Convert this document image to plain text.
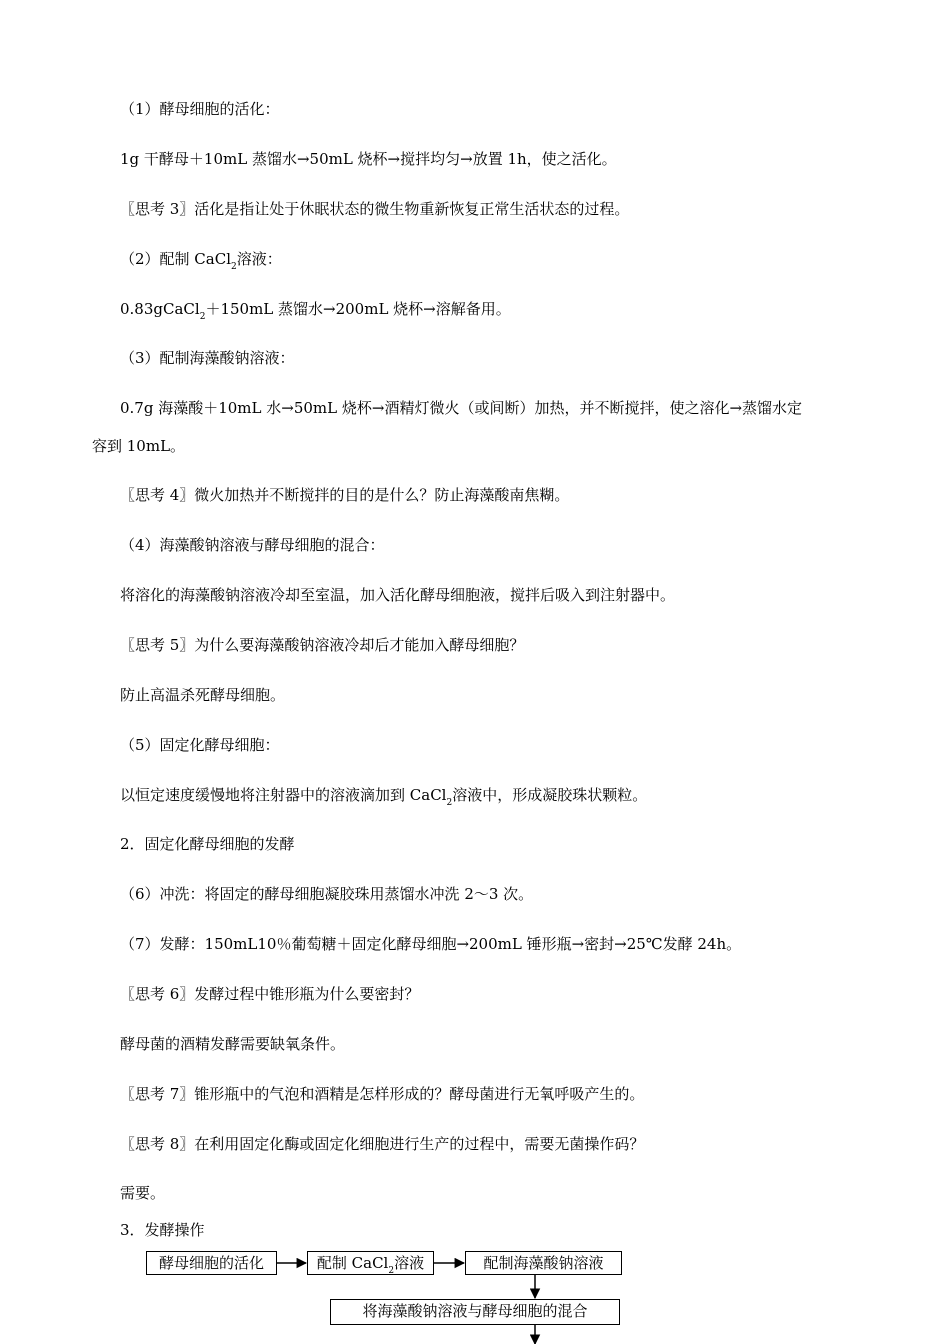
（1）酵母细胞的活化：
1g 干酵母＋10mL 蒸馏水→50mL 烧杯→搅拌均匀→放置 1h，使之活化。
〖思考 3〗活化是指让处于休眠状态的微生物重新恢复正常生活状态的过程。
（2）配制 CaCl$_2$溶液：
0.83gCaCl$_2$＋150mL 蒸馏水→200mL 烧杯→溶解备用。
（3）配制海藻酸钠溶液：
0.7g 海藻酸＋10mL 水→50mL 烧杯→酒精灯微火（或间断）加热，并不断搅拌，使之溶化→蒸馏水定
容到 10mL。
〖思考 4〗微火加热并不断搅拌的目的是什么？防止海藻酸南焦糊。
（4）海藻酸钠溶液与酵母细胞的混合：
将溶化的海藻酸钠溶液冷却至室温，加入活化酵母细胞液，搅拌后吸入到注射器中。
〖思考 5〗为什么要海藻酸钠溶液冷却后才能加入酵母细胞？
防止高温杀死酵母细胞。
（5）固定化酵母细胞：
以恒定速度缓慢地将注射器中的溶液滴加到 CaCl$_2$溶液中，形成凝胶珠状颗粒。
2．固定化酵母细胞的发酵
（6）冲洗：将固定的酵母细胞凝胶珠用蒸馏水冲洗 2～3 次。
（7）发酵：150mL10％葡萄糖＋固定化酵母细胞→200mL 锤形瓶→密封→25℃发酵 24h。
〖思考 6〗发酵过程中锥形瓶为什么要密封？
酵母菌的酒精发酵需要缺氧条件。
〖思考 7〗锥形瓶中的气泡和酒精是怎样形成的？酵母菌进行无氧呼吸产生的。
〖思考 8〗在利用固定化酶或固定化细胞进行生产的过程中，需要无菌操作码？
需要。
3．发酵操作
酵母细胞的活化	配制 CaCl$_2$溶液	配制海藻酸钠溶液
将海藻酸钠溶液与酵母细胞的混合
